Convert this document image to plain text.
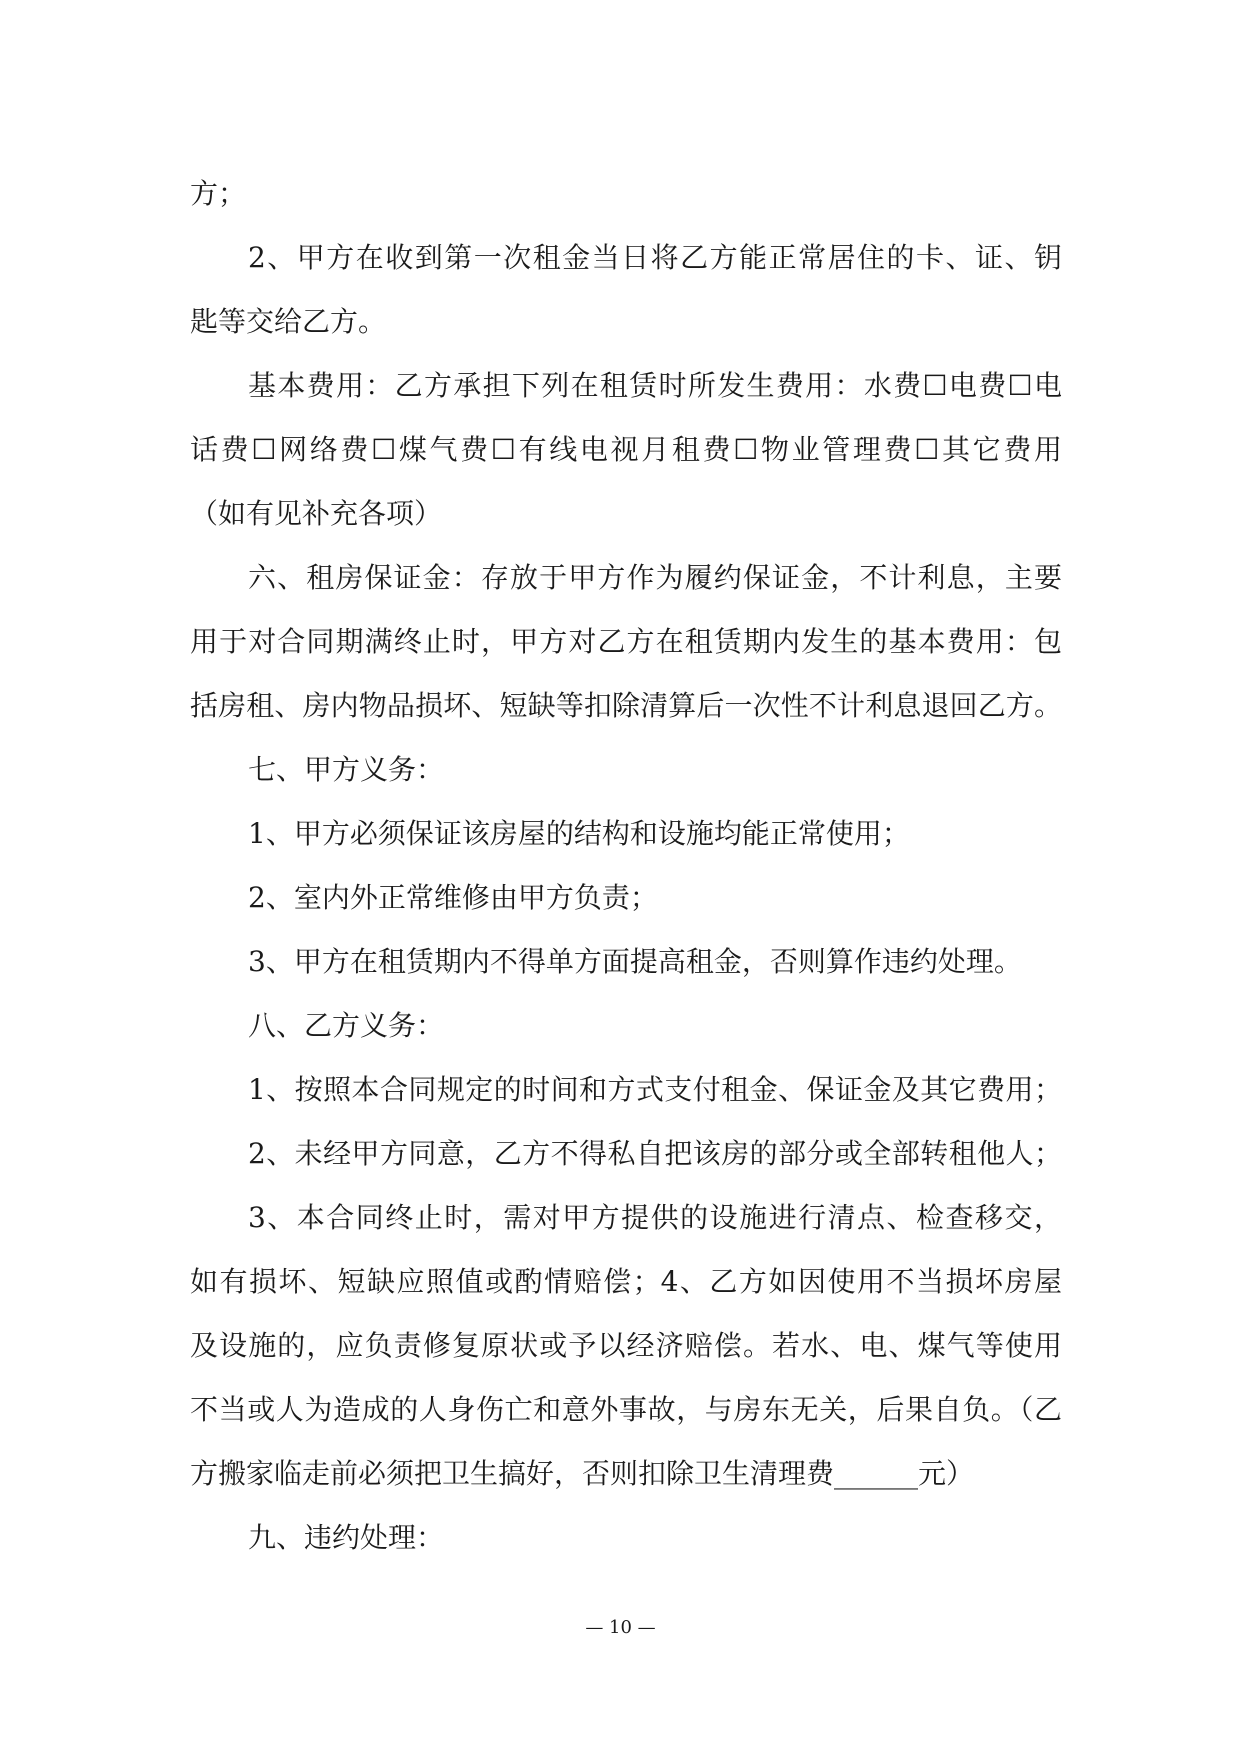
方；
2、甲方在收到第一次租金当日将乙方能正常居住的卡、证、钥
匙等交给乙方。
基本费用：乙方承担下列在租赁时所发生费用：水费☐电费☐电
话费☐网络费☐煤气费☐有线电视月租费☐物业管理费☐其它费用
（如有见补充各项）
六、租房保证金：存放于甲方作为履约保证金，不计利息，主要
用于对合同期满终止时，甲方对乙方在租赁期内发生的基本费用：包
括房租、房内物品损坏、短缺等扣除清算后一次性不计利息退回乙方。
七、甲方义务：
1、甲方必须保证该房屋的结构和设施均能正常使用；
2、室内外正常维修由甲方负责；
3、甲方在租赁期内不得单方面提高租金，否则算作违约处理。
八、乙方义务：
1、按照本合同规定的时间和方式支付租金、保证金及其它费用；
2、未经甲方同意，乙方不得私自把该房的部分或全部转租他人；
3、本合同终止时，需对甲方提供的设施进行清点、检查移交，
如有损坏、短缺应照值或酌情赔偿；4、乙方如因使用不当损坏房屋
及设施的，应负责修复原状或予以经济赔偿。若水、电、煤气等使用
不当或人为造成的人身伤亡和意外事故，与房东无关，后果自负。（乙
方搬家临走前必须把卫生搞好，否则扣除卫生清理费______元）
九、违约处理：
— 10 —
